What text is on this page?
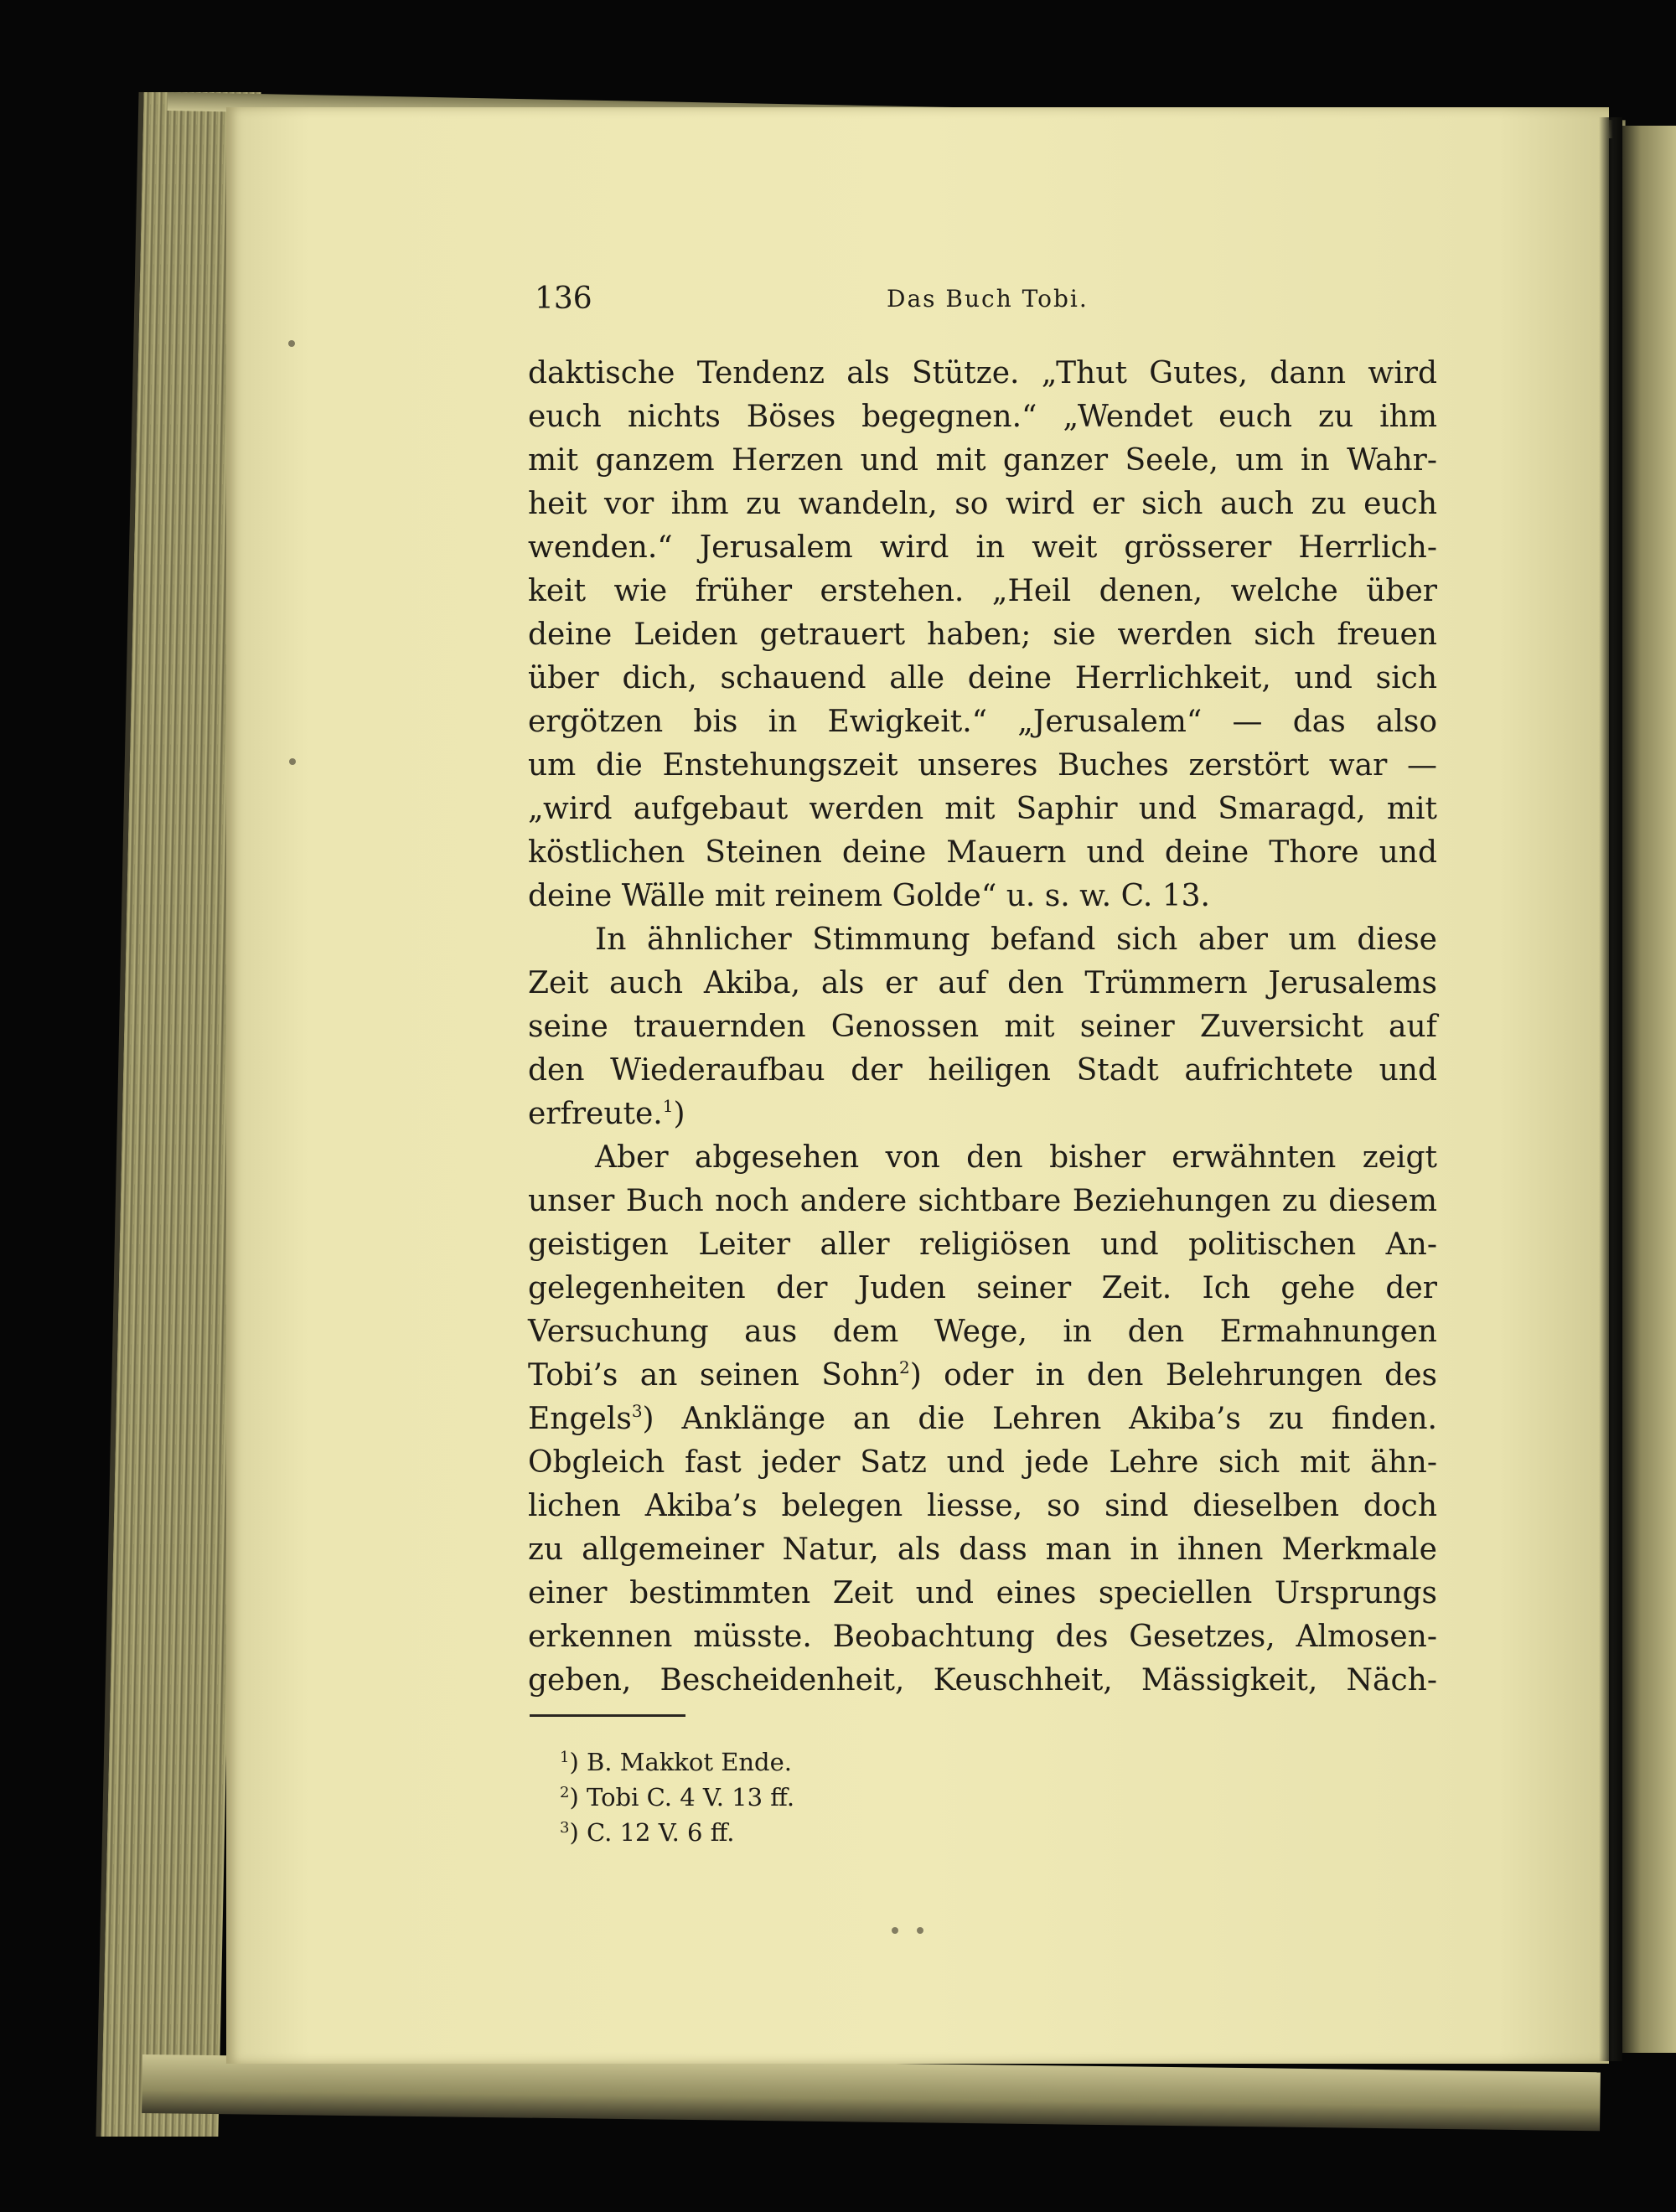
136	Das Buch Tobi.
daktische Tendenz als Stütze. „Thut Gutes, dann wird
euch nichts Böses begegnen.“ „Wendet euch zu ihm
mit ganzem Herzen und mit ganzer Seele, um in Wahr-
heit vor ihm zu wandeln, so wird er sich auch zu euch
wenden.“ Jerusalem wird in weit grösserer Herrlich-
keit wie früher erstehen. „Heil denen, welche über
deine Leiden getrauert haben; sie werden sich freuen
über dich, schauend alle deine Herrlichkeit, und sich
ergötzen bis in Ewigkeit.“ „Jerusalem“ — das also
um die Enstehungszeit unseres Buches zerstört war —
„wird aufgebaut werden mit Saphir und Smaragd, mit
köstlichen Steinen deine Mauern und deine Thore und
deine Wälle mit reinem Golde“ u. s. w. C. 13.
In ähnlicher Stimmung befand sich aber um diese
Zeit auch Akiba, als er auf den Trümmern Jerusalems
seine trauernden Genossen mit seiner Zuversicht auf
den Wiederaufbau der heiligen Stadt aufrichtete und
erfreute.$^1$)
Aber abgesehen von den bisher erwähnten zeigt
unser Buch noch andere sichtbare Beziehungen zu diesem
geistigen Leiter aller religiösen und politischen An-
gelegenheiten der Juden seiner Zeit. Ich gehe der
Versuchung aus dem Wege, in den Ermahnungen
Tobi’s an seinen Sohn$^2$) oder in den Belehrungen des
Engels$^3$) Anklänge an die Lehren Akiba’s zu finden.
Obgleich fast jeder Satz und jede Lehre sich mit ähn-
lichen Akiba’s belegen liesse, so sind dieselben doch
zu allgemeiner Natur, als dass man in ihnen Merkmale
einer bestimmten Zeit und eines speciellen Ursprungs
erkennen müsste. Beobachtung des Gesetzes, Almosen-
geben, Bescheidenheit, Keuschheit, Mässigkeit, Näch-
$^1$) B. Makkot Ende.
$^2$) Tobi C. 4 V. 13 ff.
$^3$) C. 12 V. 6 ff.
